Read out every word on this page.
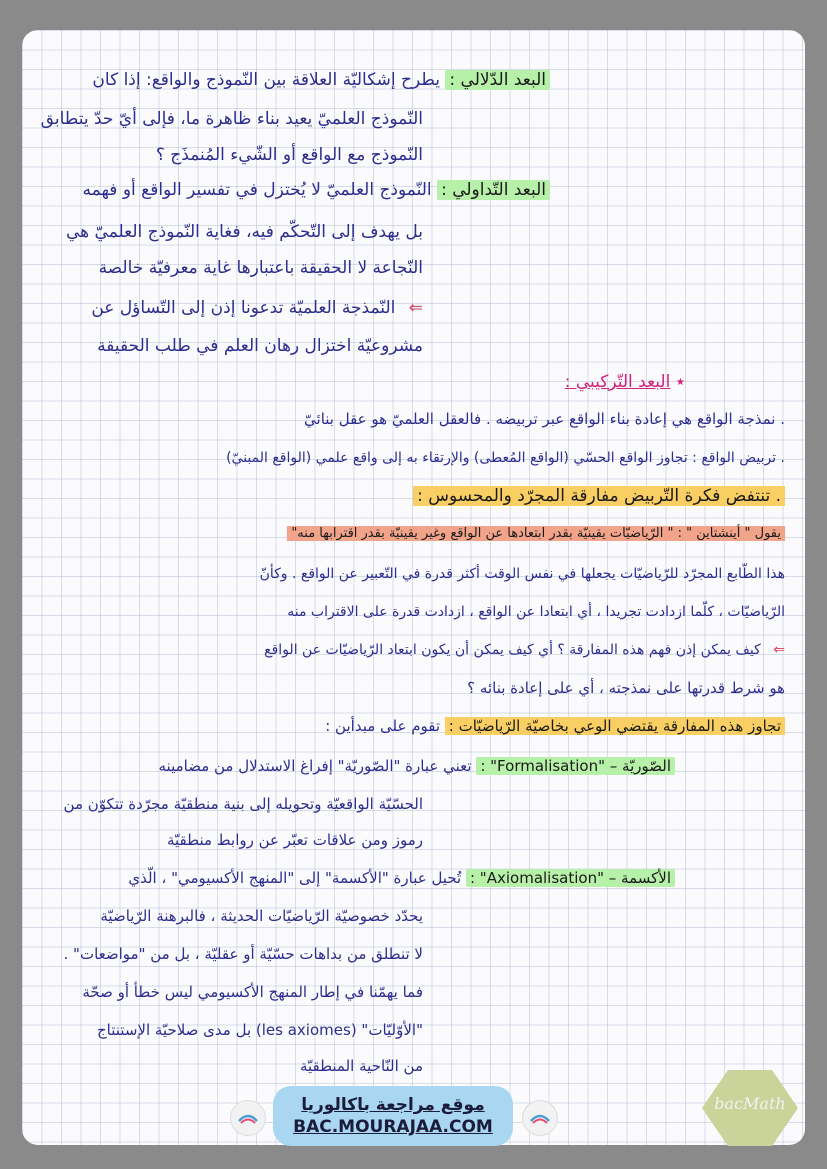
البعد الدّلالي : يطرح إشكاليّة العلاقة بين النّموذج والواقع: إذا كان
النّموذج العلميّ يعيد بناء ظاهرة ما، فإلى أيّ حدّ يتطابق
النّموذج مع الواقع أو الشّيء المُنمذَج ؟
البعد التّداولي : النّموذج العلميّ لا يُختزل في تفسير الواقع أو فهمه
بل يهدف إلى التّحكّم فيه، فغاية النّموذج العلميّ هي
النّجاعة لا الحقيقة باعتبارها غاية معرفيّة خالصة
⇐ النّمذجة العلميّة تدعونا إذن إلى التّساؤل عن
مشروعيّة اختزال رهان العلم في طلب الحقيقة
٭ البعد التّركيبي :
. نمذجة الواقع هي إعادة بناء الواقع عبر تربيضه . فالعقل العلميّ هو عقل بنائيّ
. تربيض الواقع : تجاوز الواقع الحسّي (الواقع المُعطى) والإرتقاء به إلى واقع علمي (الواقع المبنيّ)
. تنتفض فكرة التّربيض مفارقة المجرّد والمحسوس :
يقول " أينشتاين " : " الرّياضيّات يقينيّة بقدر ابتعادها عن الواقع وغير يقينيّة بقدر اقترابها منه"
هذا الطّابع المجرّد للرّياضيّات يجعلها في نفس الوقت أكثر قدرة في التّعبير عن الواقع . وكأنّ
الرّياضيّات ، كلّما ازدادت تجريدا ، أي ابتعادا عن الواقع ، ازدادت قدرة على الاقتراب منه
⇐ كيف يمكن إذن فهم هذه المفارقة ؟ أي كيف يمكن أن يكون ابتعاد الرّياضيّات عن الواقع
هو شرط قدرتها على نمذجته ، أي على إعادة بنائه ؟
تجاوز هذه المفارقة يقتضي الوعي بخاصيّة الرّياضيّات : تقوم على مبدأين :
الصّوريّة – "Formalisation" : تعني عبارة "الصّوريّة" إفراغ الاستدلال من مضامينه
الحسّيّة الواقعيّة وتحويله إلى بنية منطقيّة مجرّدة تتكوّن من
رموز ومن علاقات تعبّر عن روابط منطقيّة
الأكسمة – "Axiomalisation" : تُحيل عبارة "الأكسمة" إلى "المنهج الأكسيومي" ، الّذي
يحدّد خصوصيّة الرّياضيّات الحديثة ، فالبرهنة الرّياضيّة
لا تنطلق من بداهات حسّيّة أو عقليّة ، بل من "مواضعات" .
فما يهمّنا في إطار المنهج الأكسيومي ليس خطأ أو صحّة
"الأوّليّات" (les axiomes) بل مدى صلاحيّة الإستنتاج
من النّاحية المنطقيّة
موقع مراجعة باكالوريا
BAC.MOURAJAA.COM
bacMath
